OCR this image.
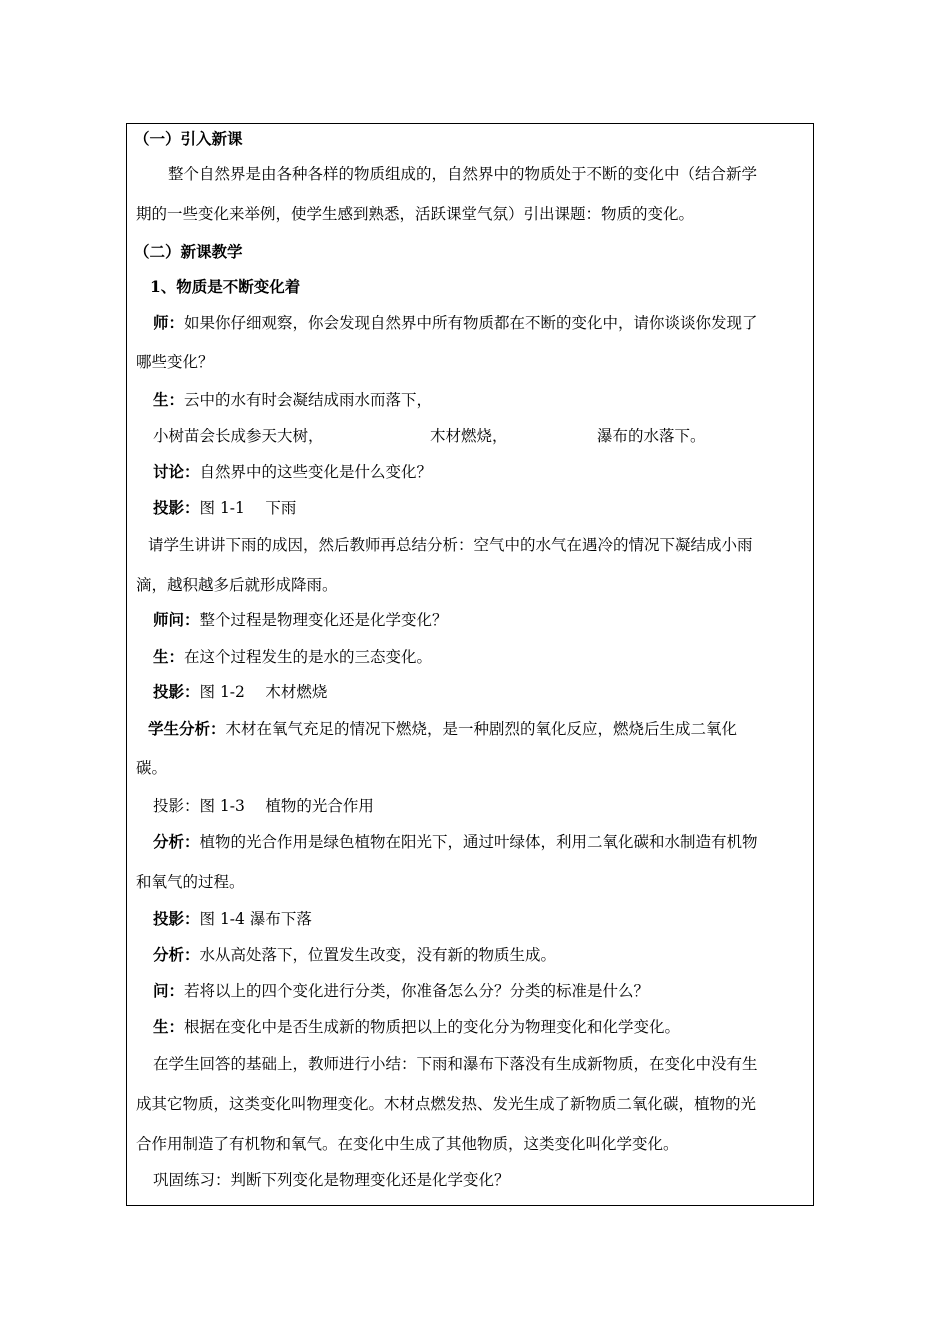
（一）引入新课
整个自然界是由各种各样的物质组成的，自然界中的物质处于不断的变化中（结合新学
期的一些变化来举例，使学生感到熟悉，活跃课堂气氛）引出课题：物质的变化。
（二）新课教学
1、物质是不断变化着
师：如果你仔细观察，你会发现自然界中所有物质都在不断的变化中，请你谈谈你发现了
哪些变化？
生：云中的水有时会凝结成雨水而落下，
小树苗会长成参天大树，	木材燃烧，	瀑布的水落下。
讨论：自然界中的这些变化是什么变化？
投影：图 1-1　 下雨
请学生讲讲下雨的成因，然后教师再总结分析：空气中的水气在遇冷的情况下凝结成小雨
滴，越积越多后就形成降雨。
师问：整个过程是物理变化还是化学变化？
生：在这个过程发生的是水的三态变化。
投影：图 1-2　 木材燃烧
学生分析：木材在氧气充足的情况下燃烧，是一种剧烈的氧化反应，燃烧后生成二氧化
碳。
投影：图 1-3　 植物的光合作用
分析：植物的光合作用是绿色植物在阳光下，通过叶绿体，利用二氧化碳和水制造有机物
和氧气的过程。
投影：图 1-4 瀑布下落
分析：水从高处落下，位置发生改变，没有新的物质生成。
问：若将以上的四个变化进行分类，你准备怎么分？分类的标准是什么？
生：根据在变化中是否生成新的物质把以上的变化分为物理变化和化学变化。
在学生回答的基础上，教师进行小结：下雨和瀑布下落没有生成新物质，在变化中没有生
成其它物质，这类变化叫物理变化。木材点燃发热、发光生成了新物质二氧化碳，植物的光
合作用制造了有机物和氧气。在变化中生成了其他物质，这类变化叫化学变化。
巩固练习：判断下列变化是物理变化还是化学变化？
